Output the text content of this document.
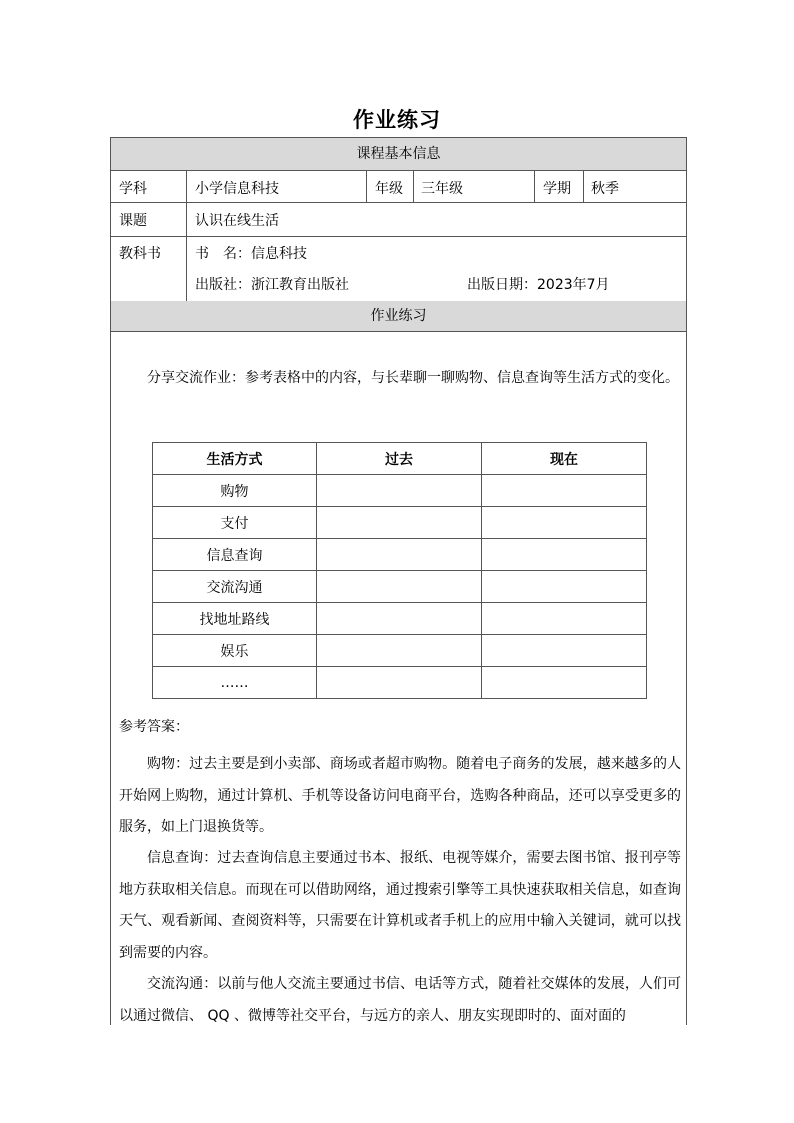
作业练习
课程基本信息
学科	小学信息科技	年级 三年级	学期 秋季
课题	认识在线生活
教科书 书　名：信息科技
出版社：浙江教育出版社	出版日期：2023年7月
作业练习
分享交流作业：参考表格中的内容，与长辈聊一聊购物、信息查询等生活方式的变化。
生活方式	过去	现在
购物		
支付		
信息查询		
交流沟通		
找地址路线		
娱乐		
……		
参考答案：
购物：过去主要是到小卖部、商场或者超市购物。随着电子商务的发展，越来越多的人开始网上购物，通过计算机、手机等设备访问电商平台，选购各种商品，还可以享受更多的服务，如上门退换货等。
信息查询：过去查询信息主要通过书本、报纸、电视等媒介，需要去图书馆、报刊亭等地方获取相关信息。而现在可以借助网络，通过搜索引擎等工具快速获取相关信息，如查询天气、观看新闻、查阅资料等，只需要在计算机或者手机上的应用中输入关键词，就可以找到需要的内容。
交流沟通：以前与他人交流主要通过书信、电话等方式，随着社交媒体的发展，人们可以通过微信、 QQ 、微博等社交平台，与远方的亲人、朋友实现即时的、面对面的
